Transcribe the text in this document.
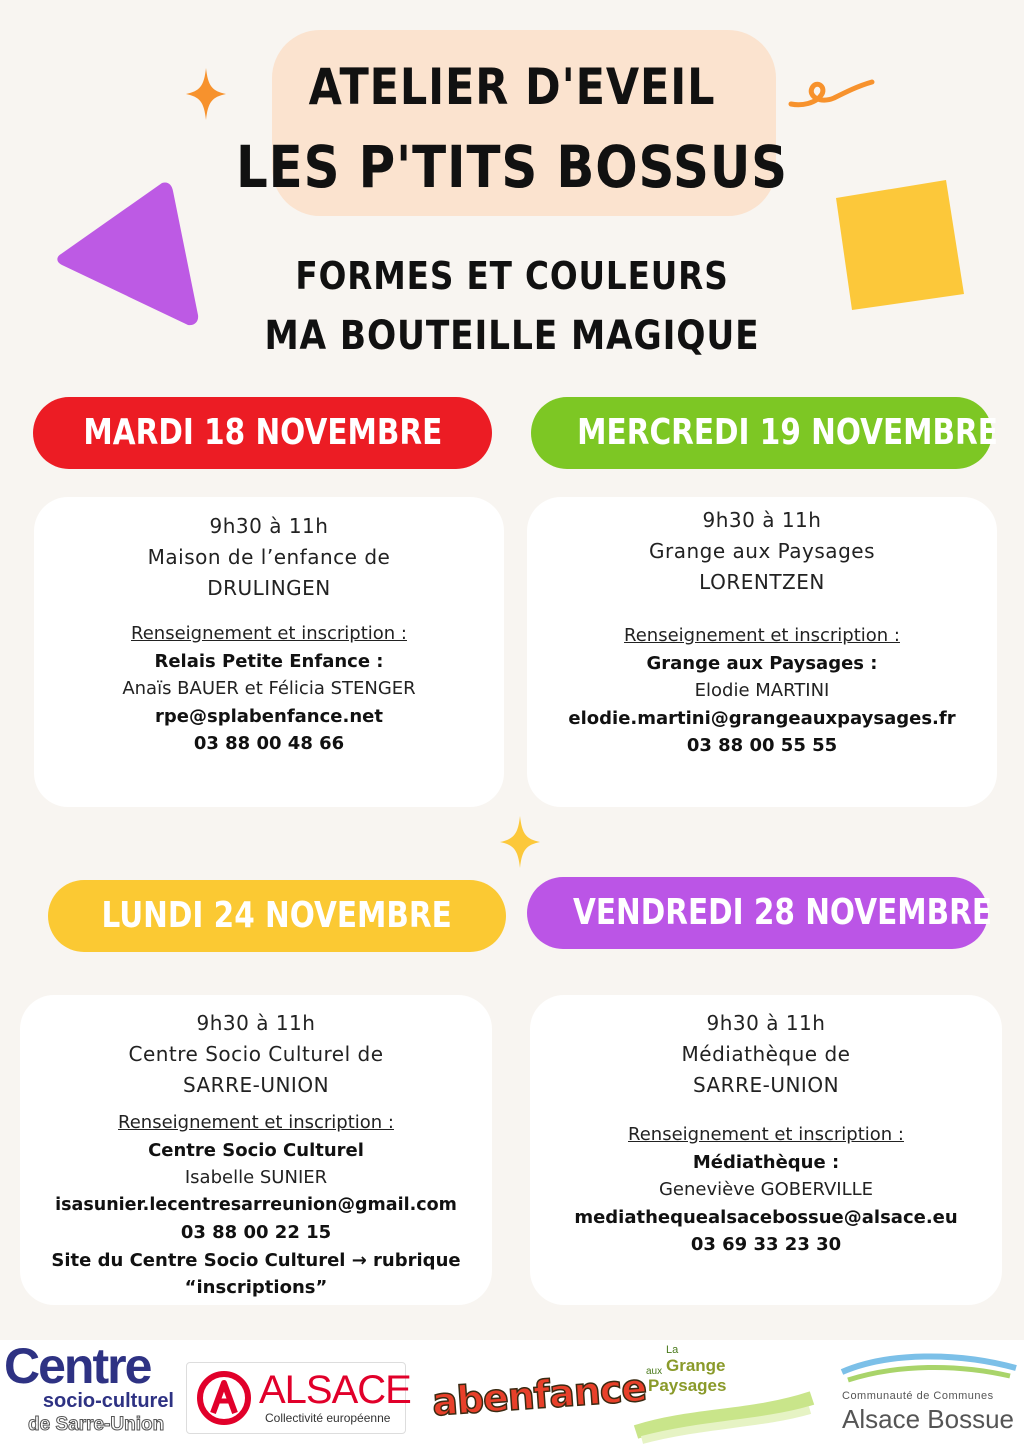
ATELIER D'EVEIL
LES P'TITS BOSSUS
FORMES ET COULEURS
MA BOUTEILLE MAGIQUE
MARDI 18 NOVEMBRE	MERCREDI 19 NOVEMBRE
LUNDI 24 NOVEMBRE	VENDREDI 28 NOVEMBRE
9h30 à 11h
Maison de l’enfance de
DRULINGEN
Renseignement et inscription :
Relais Petite Enfance :
Anaïs BAUER et Félicia STENGER
rpe@splabenfance.net
03 88 00 48 66
9h30 à 11h
Grange aux Paysages
LORENTZEN
Renseignement et inscription :
Grange aux Paysages :
Elodie MARTINI
elodie.martini@grangeauxpaysages.fr
03 88 00 55 55
9h30 à 11h
Centre Socio Culturel de
SARRE-UNION
Renseignement et inscription :
Centre Socio Culturel
Isabelle SUNIER
isasunier.lecentresarreunion@gmail.com
03 88 00 22 15
Site du Centre Socio Culturel → rubrique
“inscriptions”
9h30 à 11h
Médiathèque de
SARRE-UNION
Renseignement et inscription :
Médiathèque :
Geneviève GOBERVILLE
mediathequealsacebossue@alsace.eu
03 69 33 23 30
Centre
socio-culturel
de Sarre-Union
ALSACE
Collectivité européenne abenfance
La
aux Grange
Paysages
Communauté de Communes
Alsace Bossue
